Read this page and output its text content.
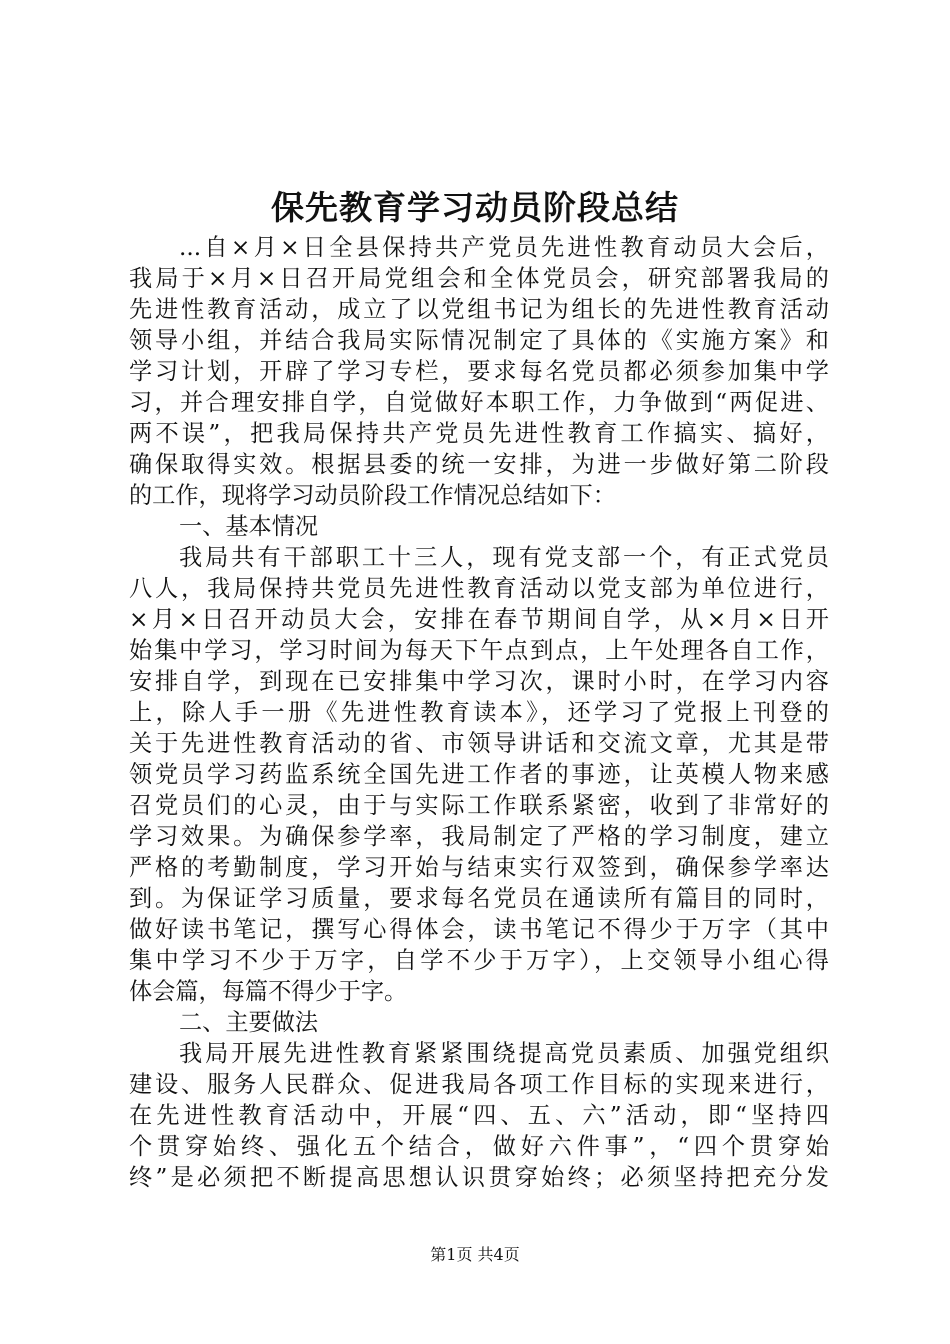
保先教育学习动员阶段总结
...自×月×日全县保持共产党员先进性教育动员大会后，
我局于×月×日召开局党组会和全体党员会，研究部署我局的
先进性教育活动，成立了以党组书记为组长的先进性教育活动
领导小组，并结合我局实际情况制定了具体的《实施方案》和
学习计划，开辟了学习专栏，要求每名党员都必须参加集中学
习，并合理安排自学，自觉做好本职工作，力争做到“两促进、
两不误”，把我局保持共产党员先进性教育工作搞实、搞好，
确保取得实效。根据县委的统一安排，为进一步做好第二阶段
的工作，现将学习动员阶段工作情况总结如下：
一、基本情况
我局共有干部职工十三人，现有党支部一个，有正式党员
八人，我局保持共党员先进性教育活动以党支部为单位进行，
×月×日召开动员大会，安排在春节期间自学，从×月×日开
始集中学习，学习时间为每天下午点到点，上午处理各自工作，
安排自学，到现在已安排集中学习次，课时小时，在学习内容
上，除人手一册《先进性教育读本》，还学习了党报上刊登的
关于先进性教育活动的省、市领导讲话和交流文章，尤其是带
领党员学习药监系统全国先进工作者的事迹，让英模人物来感
召党员们的心灵，由于与实际工作联系紧密，收到了非常好的
学习效果。为确保参学率，我局制定了严格的学习制度，建立
严格的考勤制度，学习开始与结束实行双签到，确保参学率达
到。为保证学习质量，要求每名党员在通读所有篇目的同时，
做好读书笔记，撰写心得体会，读书笔记不得少于万字（其中
集中学习不少于万字，自学不少于万字），上交领导小组心得
体会篇，每篇不得少于字。
二、主要做法
我局开展先进性教育紧紧围绕提高党员素质、加强党组织
建设、服务人民群众、促进我局各项工作目标的实现来进行，
在先进性教育活动中，开展“四、五、六”活动，即“坚持四
个贯穿始终、强化五个结合，做好六件事”，“四个贯穿始
终”是必须把不断提高思想认识贯穿始终；必须坚持把充分发
第1页 共4页
